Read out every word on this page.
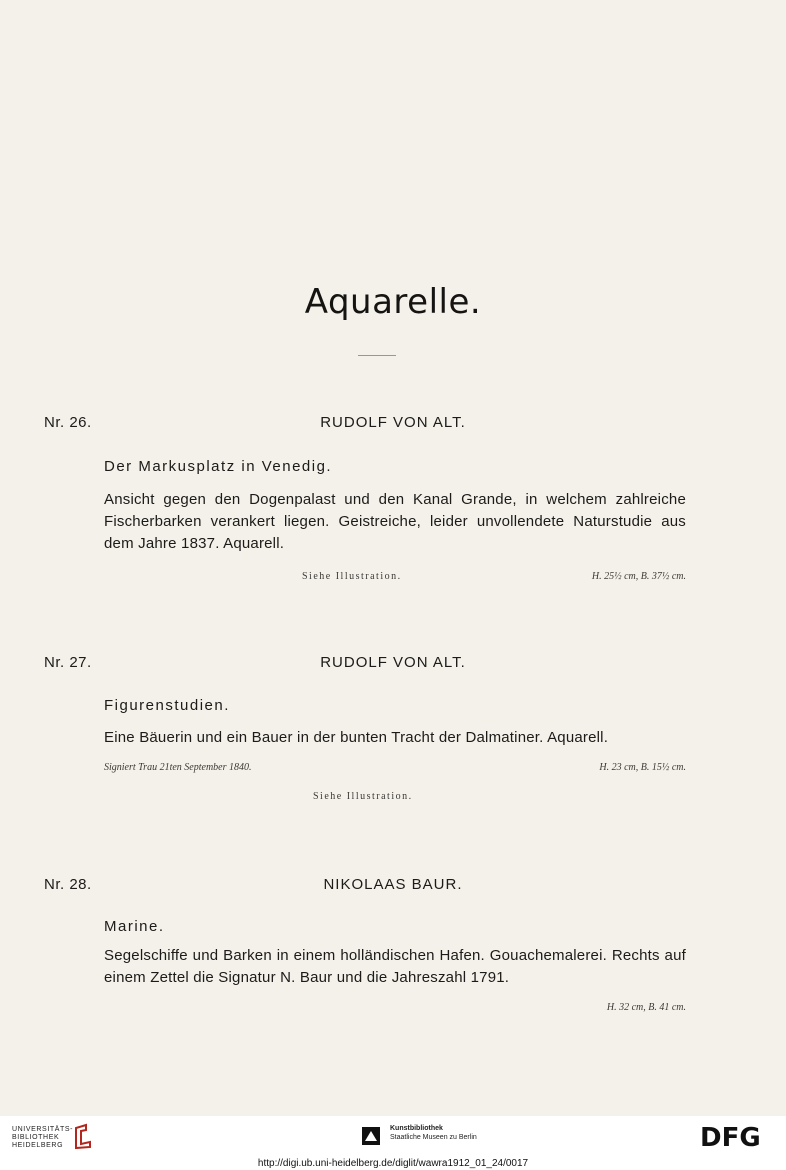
Aquarelle.
Nr. 26.	RUDOLF VON ALT.
Der Markusplatz in Venedig.
Ansicht gegen den Dogenpalast und den Kanal Grande, in welchem zahlreiche Fischerbarken verankert liegen. Geistreiche, leider unvollendete Naturstudie aus dem Jahre 1837. Aquarell.
Siehe Illustration.	H. 25½ cm, B. 37½ cm.
Nr. 27.	RUDOLF VON ALT.
Figurenstudien.
Eine Bäuerin und ein Bauer in der bunten Tracht der Dalmatiner. Aquarell.
Signiert Trau 21ten September 1840.	H. 23 cm, B. 15½ cm.
Siehe Illustration.
Nr. 28.	NIKOLAAS BAUR.
Marine.
Segelschiffe und Barken in einem holländischen Hafen. Gouachemalerei. Rechts auf einem Zettel die Signatur N. Baur und die Jahreszahl 1791.
H. 32 cm, B. 41 cm.
UNIVERSITÄTS-
BIBLIOTHEK
HEIDELBERG
Kunstbibliothek
Staatliche Museen zu Berlin	DFG
http://digi.ub.uni-heidelberg.de/diglit/wawra1912_01_24/0017
